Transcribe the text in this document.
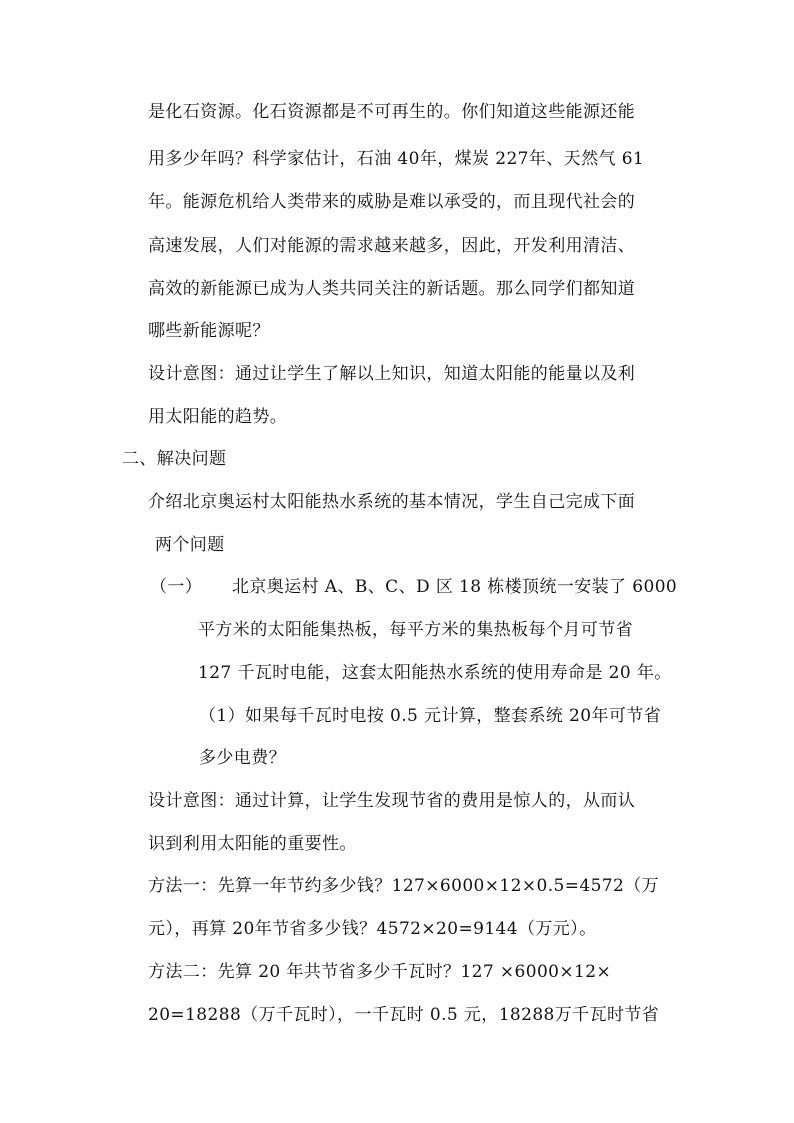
是化石资源。化石资源都是不可再生的。你们知道这些能源还能
用多少年吗？科学家估计，石油 40年，煤炭 227年、天然气 61
年。能源危机给人类带来的威胁是难以承受的，而且现代社会的
高速发展，人们对能源的需求越来越多，因此，开发利用清洁、
高效的新能源已成为人类共同关注的新话题。那么同学们都知道
哪些新能源呢？
设计意图：通过让学生了解以上知识，知道太阳能的能量以及利
用太阳能的趋势。
二、解决问题
介绍北京奥运村太阳能热水系统的基本情况，学生自己完成下面
两个问题
（一） 北京奥运村 A、B、C、D 区 18 栋楼顶统一安装了 6000
平方米的太阳能集热板，每平方米的集热板每个月可节省
127 千瓦时电能，这套太阳能热水系统的使用寿命是 20 年。
（1）如果每千瓦时电按 0.5 元计算，整套系统 20年可节省
多少电费？
设计意图：通过计算，让学生发现节省的费用是惊人的，从而认
识到利用太阳能的重要性。
方法一：先算一年节约多少钱？127×6000×12×0.5=4572（万
元），再算 20年节省多少钱？4572×20=9144（万元）。
方法二：先算 20 年共节省多少千瓦时？127 ×6000×12×
20=18288（万千瓦时），一千瓦时 0.5 元，18288万千瓦时节省
